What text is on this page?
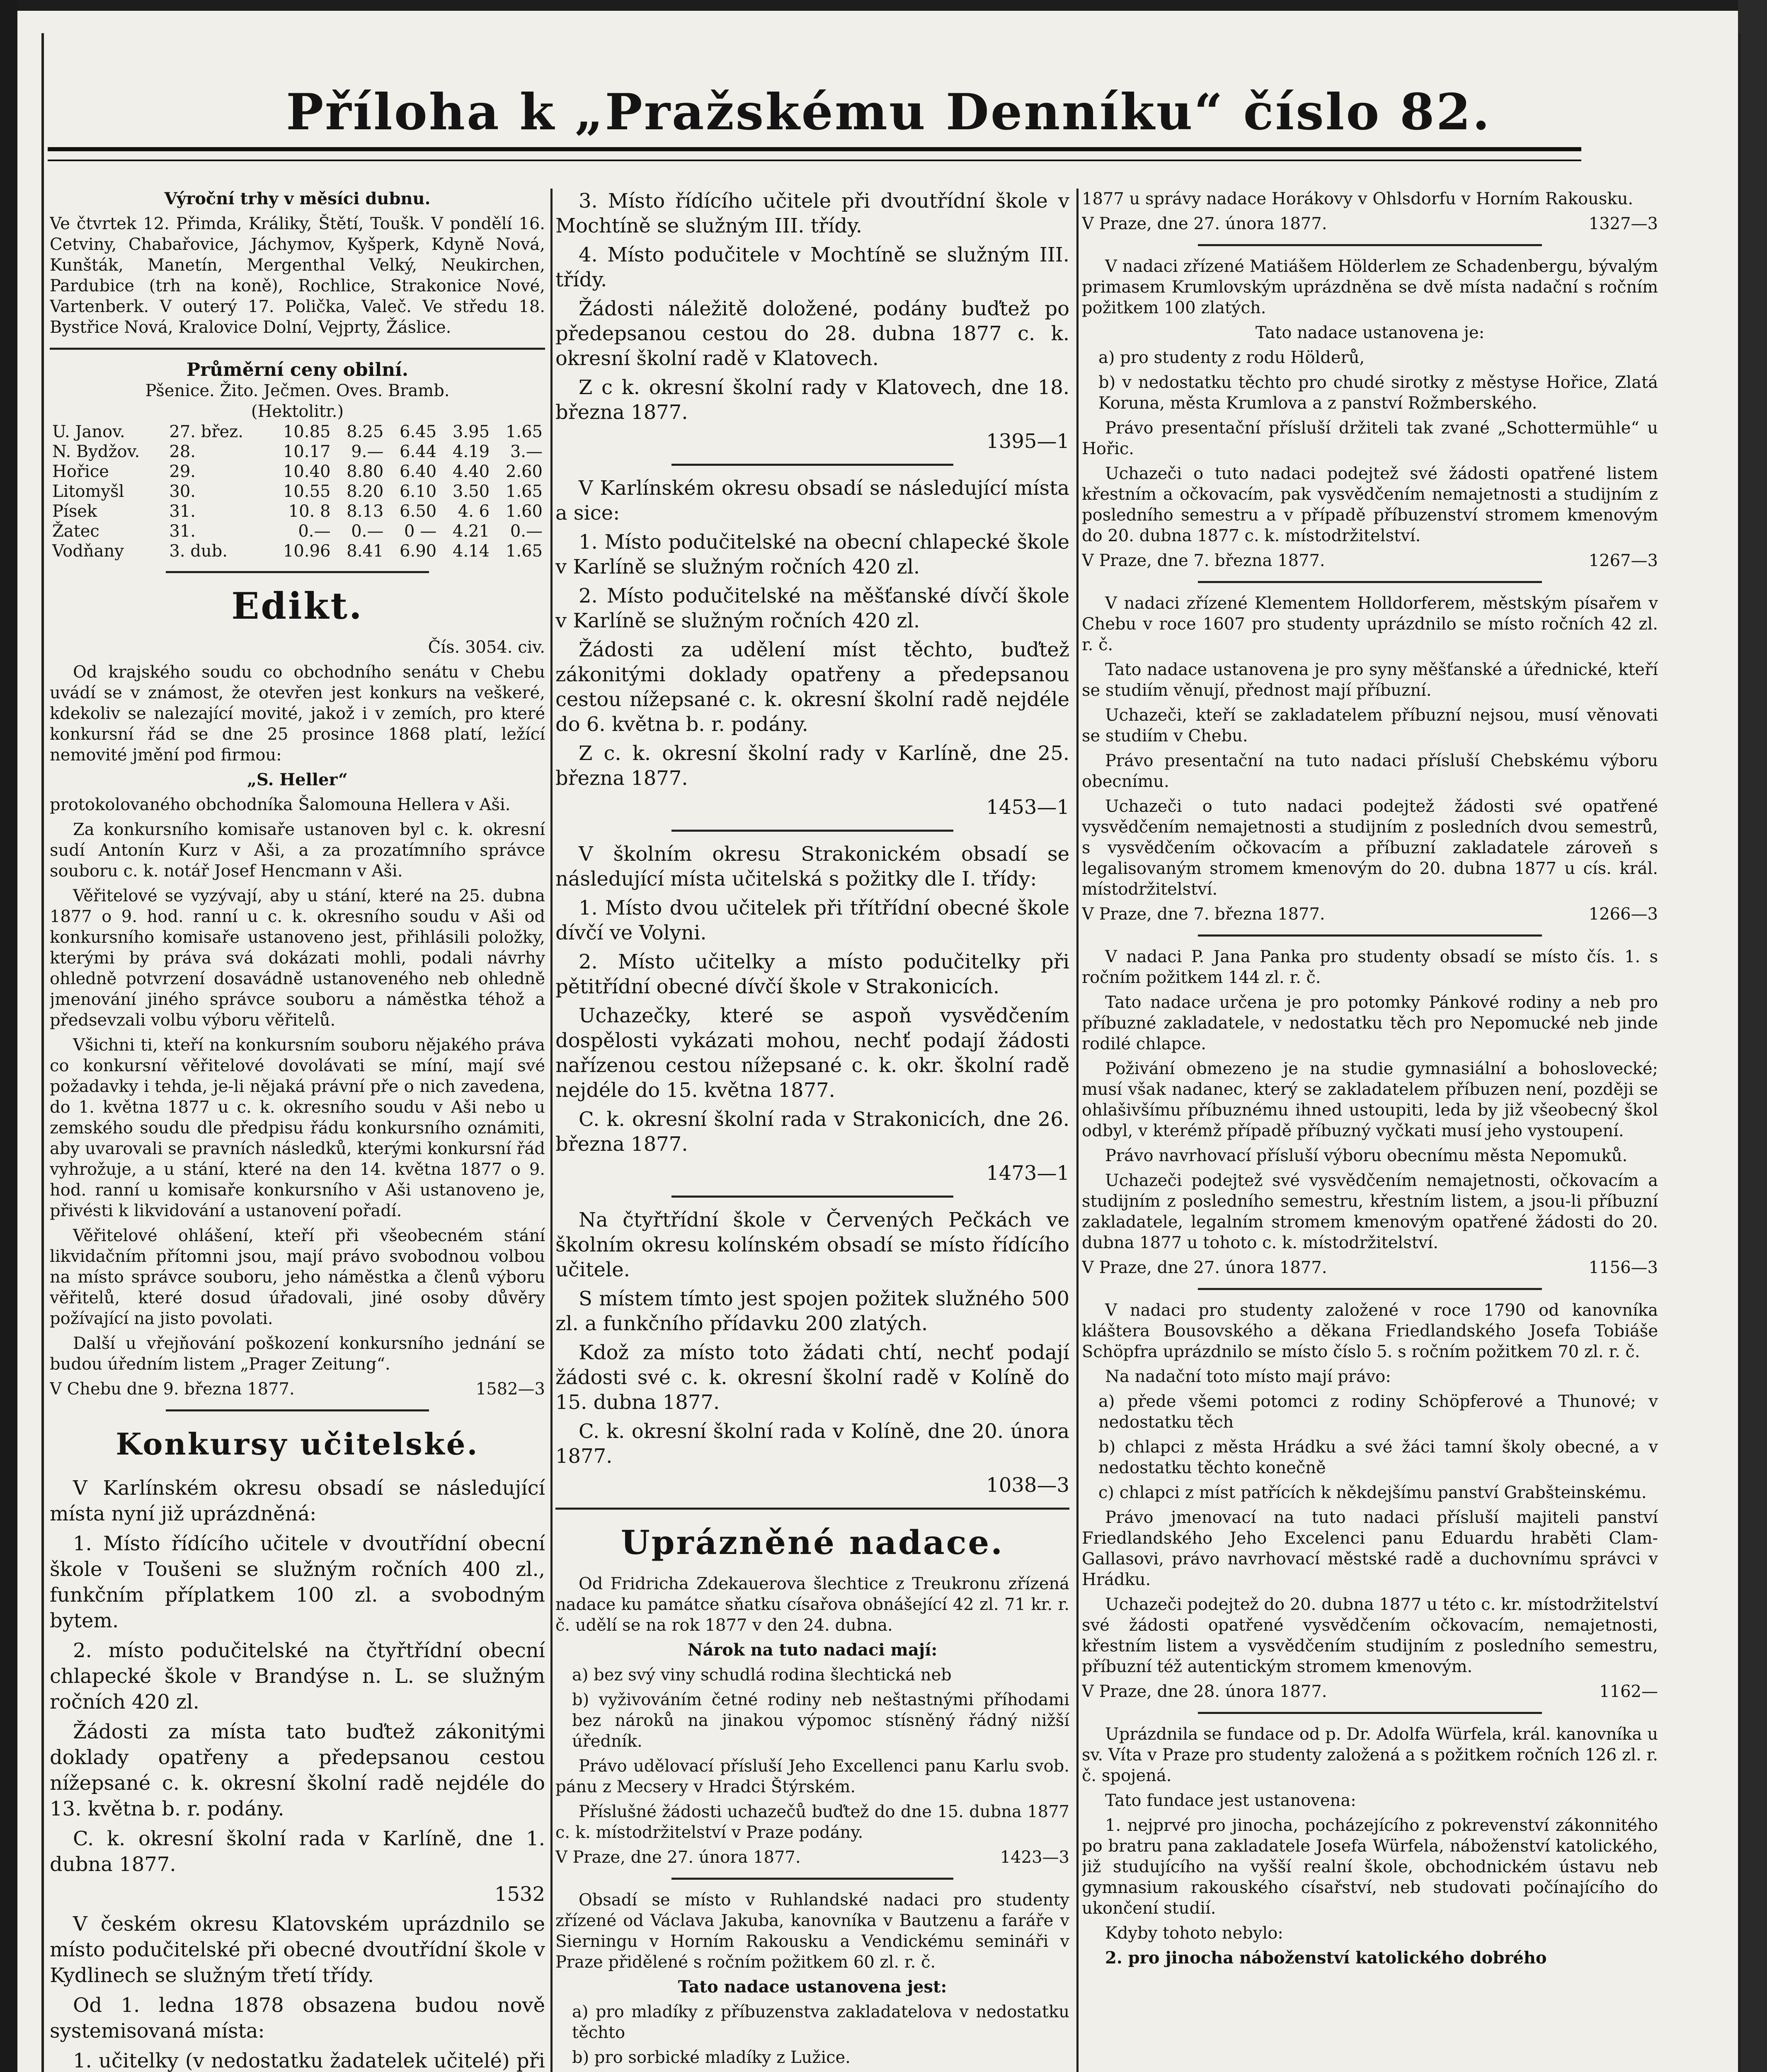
Příloha k „Pražskému Denníku“ číslo 82.
Výroční trhy v měsíci dubnu.
Ve čtvrtek 12. Přimda, Králiky, Štětí, Toušk. V pondělí 16. Cetviny, Chabařovice, Jáchymov, Kyšperk, Kdyně Nová, Kunšták, Manetín, Mergenthal Velký, Neukirchen, Pardubice (trh na koně), Rochlice, Strakonice Nové, Vartenberk. V outerý 17. Polička, Valeč. Ve středu 18. Bystřice Nová, Kralovice Dolní, Vejprty, Žáslice.
Průměrní ceny obilní.
Pšenice. Žito. Ječmen. Oves. Bramb.
(Hektolitr.)
U. Janov.	27. břez.	10.85	8.25	6.45	3.95	1.65
N. Bydžov.	28.	10.17	9.—	6.44	4.19	3.—
Hořice	29.	10.40	8.80	6.40	4.40	2.60
Litomyšl	30.	10.55	8.20	6.10	3.50	1.65
Písek	31.	10. 8	8.13	6.50	4. 6	1.60
Žatec	31.	0.—	0.—	0 —	4.21	0.—
Vodňany	3. dub.	10.96	8.41	6.90	4.14	1.65
Edikt.
Čís. 3054. civ.
Od krajského soudu co obchodního senátu v Chebu uvádí se v známost, že otevřen jest konkurs na veškeré, kdekoliv se nalezající movité, jakož i v zemích, pro které konkursní řád se dne 25 prosince 1868 platí, ležící nemovité jmění pod firmou:
„S. Heller“
protokolovaného obchodníka Šalomouna Hellera v Aši.
Za konkursního komisaře ustanoven byl c. k. okresní sudí Antonín Kurz v Aši, a za prozatímního správce souboru c. k. notář Josef Hencmann v Aši.
Věřitelové se vyzývají, aby u stání, které na 25. dubna 1877 o 9. hod. ranní u c. k. okresního soudu v Aši od konkursního komisaře ustanoveno jest, přihlásili položky, kterými by práva svá dokázati mohli, podali návrhy ohledně potvrzení dosavádně ustanoveného neb ohledně jmenování jiného správce souboru a náměstka téhož a předsevzali volbu výboru věřitelů.
Všichni ti, kteří na konkursním souboru nějakého práva co konkursní věřitelové dovolávati se míní, mají své požadavky i tehda, je-li nějaká právní pře o nich zavedena, do 1. května 1877 u c. k. okresního soudu v Aši nebo u zemského soudu dle předpisu řádu konkursního oznámiti, aby uvarovali se pravních následků, kterými konkursní řád vyhrožuje, a u stání, které na den 14. května 1877 o 9. hod. ranní u komisaře konkursního v Aši ustanoveno je, přivésti k likvidování a ustanovení pořadí.
Věřitelové ohlášení, kteří při všeobecném stání likvidačním přítomni jsou, mají právo svobodnou volbou na místo správce souboru, jeho náměstka a členů výboru věřitelů, které dosud úřadovali, jiné osoby důvěry požívající na jisto povolati.
Další u vřejňování poškození konkursního jednání se budou úředním listem „Prager Zeitung“.
V Chebu dne 9. března 1877.	1582—3
Konkursy učitelské.
V Karlínském okresu obsadí se následující místa nyní již uprázdněná:
1. Místo řídícího učitele v dvoutřídní obecní škole v Toušeni se služným ročních 400 zl., funkčním příplatkem 100 zl. a svobodným bytem.
2. místo podučitelské na čtyřtřídní obecní chlapecké škole v Brandýse n. L. se služným ročních 420 zl.
Žádosti za místa tato buďtež zákonitými doklady opatřeny a předepsanou cestou nížepsané c. k. okresní školní radě nejdéle do 13. května b. r. podány.
C. k. okresní školní rada v Karlíně, dne 1. dubna 1877.
1532
V českém okresu Klatovském uprázdnilo se místo podučitelské při obecné dvoutřídní škole v Kydlinech se služným třetí třídy.
Od 1. ledna 1878 obsazena budou nově systemisovaná místa:
1. učitelky (v nedostatku žadatelek učitelé) při
3. Místo řídícího učitele při dvoutřídní škole v Mochtíně se služným III. třídy.
4. Místo podučitele v Mochtíně se služným III. třídy.
Žádosti náležitě doložené, podány buďtež po předepsanou cestou do 28. dubna 1877 c. k. okresní školní radě v Klatovech.
Z c k. okresní školní rady v Klatovech, dne 18. března 1877.
1395—1
V Karlínském okresu obsadí se následující místa a sice:
1. Místo podučitelské na obecní chlapecké škole v Karlíně se služným ročních 420 zl.
2. Místo podučitelské na měšťanské dívčí škole v Karlíně se služným ročních 420 zl.
Žádosti za udělení míst těchto, buďtež zákonitými doklady opatřeny a předepsanou cestou nížepsané c. k. okresní školní radě nejdéle do 6. května b. r. podány.
Z c. k. okresní školní rady v Karlíně, dne 25. března 1877.
1453—1
V školním okresu Strakonickém obsadí se následující místa učitelská s požitky dle I. třídy:
1. Místo dvou učitelek při třítřídní obecné škole dívčí ve Volyni.
2. Místo učitelky a místo podučitelky při pětitřídní obecné dívčí škole v Strakonicích.
Uchazečky, které se aspoň vysvědčením dospělosti vykázati mohou, nechť podají žádosti nařízenou cestou nížepsané c. k. okr. školní radě nejdéle do 15. května 1877.
C. k. okresní školní rada v Strakonicích, dne 26. března 1877.
1473—1
Na čtyřtřídní škole v Červených Pečkách ve školním okresu kolínském obsadí se místo řídícího učitele.
S místem tímto jest spojen požitek služného 500 zl. a funkčního přídavku 200 zlatých.
Kdož za místo toto žádati chtí, nechť podají žádosti své c. k. okresní školní radě v Kolíně do 15. dubna 1877.
C. k. okresní školní rada v Kolíně, dne 20. února 1877.
1038—3
Uprázněné nadace.
Od Fridricha Zdekauerova šlechtice z Treukronu zřízená nadace ku památce sňatku císařova obnášející 42 zl. 71 kr. r. č. udělí se na rok 1877 v den 24. dubna.
Nárok na tuto nadaci mají:
a) bez svý viny schudlá rodina šlechtická neb
b) vyživováním četné rodiny neb neštastnými příhodami bez nároků na jinakou výpomoc stísněný řádný nižší úředník.
Právo udělovací přísluší Jeho Excellenci panu Karlu svob. pánu z Mecsery v Hradci Štýrském.
Příslušné žádosti uchazečů buďtež do dne 15. dubna 1877 c. k. místodržitelství v Praze podány.
V Praze, dne 27. února 1877.	1423—3
Obsadí se místo v Ruhlandské nadaci pro studenty zřízené od Václava Jakuba, kanovníka v Bautzenu a faráře v Sierningu v Horním Rakousku a Vendickému semináři v Praze přidělené s ročním požitkem 60 zl. r. č.
Tato nadace ustanovena jest:
a) pro mladíky z příbuzenstva zakladatelova v nedostatku těchto
b) pro sorbické mladíky z Lužice.
1877 u správy nadace Horákovy v Ohlsdorfu v Horním Rakousku.
V Praze, dne 27. února 1877.	1327—3
V nadaci zřízené Matiášem Hölderlem ze Schadenbergu, bývalým primasem Krumlovským uprázdněna se dvě místa nadační s ročním požitkem 100 zlatých.
Tato nadace ustanovena je:
a) pro studenty z rodu Hölderů,
b) v nedostatku těchto pro chudé sirotky z městyse Hořice, Zlatá Koruna, města Krumlova a z panství Rožmberského.
Právo presentační přísluší držiteli tak zvané „Schottermühle“ u Hořic.
Uchazeči o tuto nadaci podejtež své žádosti opatřené listem křestním a očkovacím, pak vysvědčením nemajetnosti a studijním z posledního semestru a v případě příbuzenství stromem kmenovým do 20. dubna 1877 c. k. místodržitelství.
V Praze, dne 7. března 1877.	1267—3
V nadaci zřízené Klementem Holldorferem, městským písařem v Chebu v roce 1607 pro studenty uprázdnilo se místo ročních 42 zl. r. č.
Tato nadace ustanovena je pro syny měšťanské a úřednické, kteří se studiím věnují, přednost mají příbuzní.
Uchazeči, kteří se zakladatelem příbuzní nejsou, musí věnovati se studiím v Chebu.
Právo presentační na tuto nadaci přísluší Chebskému výboru obecnímu.
Uchazeči o tuto nadaci podejtež žádosti své opatřené vysvědčením nemajetnosti a studijním z posledních dvou semestrů, s vysvědčením očkovacím a příbuzní zakladatele zároveň s legalisovaným stromem kmenovým do 20. dubna 1877 u cís. král. místodržitelství.
V Praze, dne 7. března 1877.	1266—3
V nadaci P. Jana Panka pro studenty obsadí se místo čís. 1. s ročním požitkem 144 zl. r. č.
Tato nadace určena je pro potomky Pánkové rodiny a neb pro příbuzné zakladatele, v nedostatku těch pro Nepomucké neb jinde rodilé chlapce.
Poživání obmezeno je na studie gymnasiální a bohoslovecké; musí však nadanec, který se zakladatelem příbuzen není, později se ohlašivšímu příbuznému ihned ustoupiti, leda by již všeobecný škol odbyl, v kterémž případě příbuzný vyčkati musí jeho vystoupení.
Právo navrhovací přísluší výboru obecnímu města Nepomuků.
Uchazeči podejtež své vysvědčením nemajetnosti, očkovacím a studijním z posledního semestru, křestním listem, a jsou-li příbuzní zakladatele, legalním stromem kmenovým opatřené žádosti do 20. dubna 1877 u tohoto c. k. místodržitelství.
V Praze, dne 27. února 1877.	1156—3
V nadaci pro studenty založené v roce 1790 od kanovníka kláštera Bousovského a děkana Friedlandského Josefa Tobiáše Schöpfra uprázdnilo se místo číslo 5. s ročním požitkem 70 zl. r. č.
Na nadační toto místo mají právo:
a) přede všemi potomci z rodiny Schöpferové a Thunové; v nedostatku těch
b) chlapci z města Hrádku a své žáci tamní školy obecné, a v nedostatku těchto konečně
c) chlapci z míst patřících k někdejšímu panství Grabšteinskému.
Právo jmenovací na tuto nadaci přísluší majiteli panství Friedlandského Jeho Excelenci panu Eduardu hraběti Clam-Gallasovi, právo navrhovací městské radě a duchovnímu správci v Hrádku.
Uchazeči podejtež do 20. dubna 1877 u této c. kr. místodržitelství své žádosti opatřené vysvědčením očkovacím, nemajetnosti, křestním listem a vysvědčením studijním z posledního semestru, příbuzní též autentickým stromem kmenovým.
V Praze, dne 28. února 1877.	1162—
Uprázdnila se fundace od p. Dr. Adolfa Würfela, král. kanovníka u sv. Víta v Praze pro studenty založená a s požitkem ročních 126 zl. r. č. spojená.
Tato fundace jest ustanovena:
1. nejprvé pro jinocha, pocházejícího z pokrevenství zákonnitého po bratru pana zakladatele Josefa Würfela, náboženství katolického, již studujícího na vyšší realní škole, obchodnickém ústavu neb gymnasium rakouského císařství, neb studovati počínajícího do ukončení studií.
Kdyby tohoto nebylo:
2. pro jinocha náboženství katolického dobrého
